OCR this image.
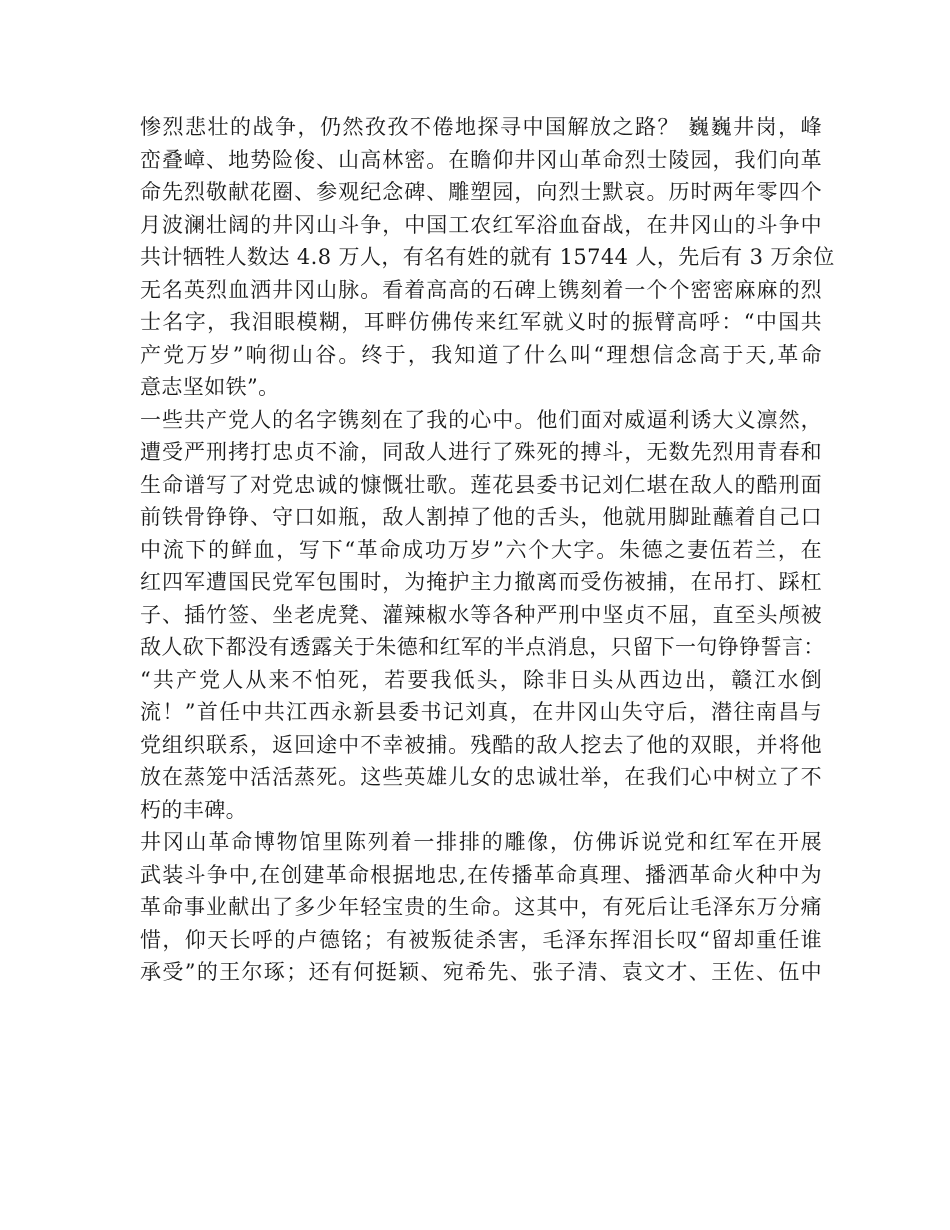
惨烈悲壮的战争，仍然孜孜不倦地探寻中国解放之路？ 巍巍井岗，峰
峦叠嶂、地势险俊、山高林密。在瞻仰井冈山革命烈士陵园，我们向革
命先烈敬献花圈、参观纪念碑、雕塑园，向烈士默哀。历时两年零四个
月波澜壮阔的井冈山斗争，中国工农红军浴血奋战，在井冈山的斗争中
共计牺牲人数达 4.8 万人，有名有姓的就有 15744 人，先后有 3 万余位
无名英烈血洒井冈山脉。看着高高的石碑上镌刻着一个个密密麻麻的烈
士名字，我泪眼模糊，耳畔仿佛传来红军就义时的振臂高呼：“中国共
产党万岁”响彻山谷。终于，我知道了什么叫“理想信念高于天,革命
意志坚如铁”。
一些共产党人的名字镌刻在了我的心中。他们面对威逼利诱大义凛然，
遭受严刑拷打忠贞不渝，同敌人进行了殊死的搏斗，无数先烈用青春和
生命谱写了对党忠诚的慷慨壮歌。莲花县委书记刘仁堪在敌人的酷刑面
前铁骨铮铮、守口如瓶，敌人割掉了他的舌头，他就用脚趾蘸着自己口
中流下的鲜血，写下“革命成功万岁”六个大字。朱德之妻伍若兰，在
红四军遭国民党军包围时，为掩护主力撤离而受伤被捕，在吊打、踩杠
子、插竹签、坐老虎凳、灌辣椒水等各种严刑中坚贞不屈，直至头颅被
敌人砍下都没有透露关于朱德和红军的半点消息，只留下一句铮铮誓言：
“共产党人从来不怕死，若要我低头，除非日头从西边出，赣江水倒
流！”首任中共江西永新县委书记刘真，在井冈山失守后，潜往南昌与
党组织联系，返回途中不幸被捕。残酷的敌人挖去了他的双眼，并将他
放在蒸笼中活活蒸死。这些英雄儿女的忠诚壮举，在我们心中树立了不
朽的丰碑。
井冈山革命博物馆里陈列着一排排的雕像，仿佛诉说党和红军在开展
武装斗争中,在创建革命根据地忠,在传播革命真理、播洒革命火种中为
革命事业献出了多少年轻宝贵的生命。这其中，有死后让毛泽东万分痛
惜，仰天长呼的卢德铭；有被叛徒杀害，毛泽东挥泪长叹“留却重任谁
承受”的王尔琢；还有何挺颖、宛希先、张子清、袁文才、王佐、伍中
